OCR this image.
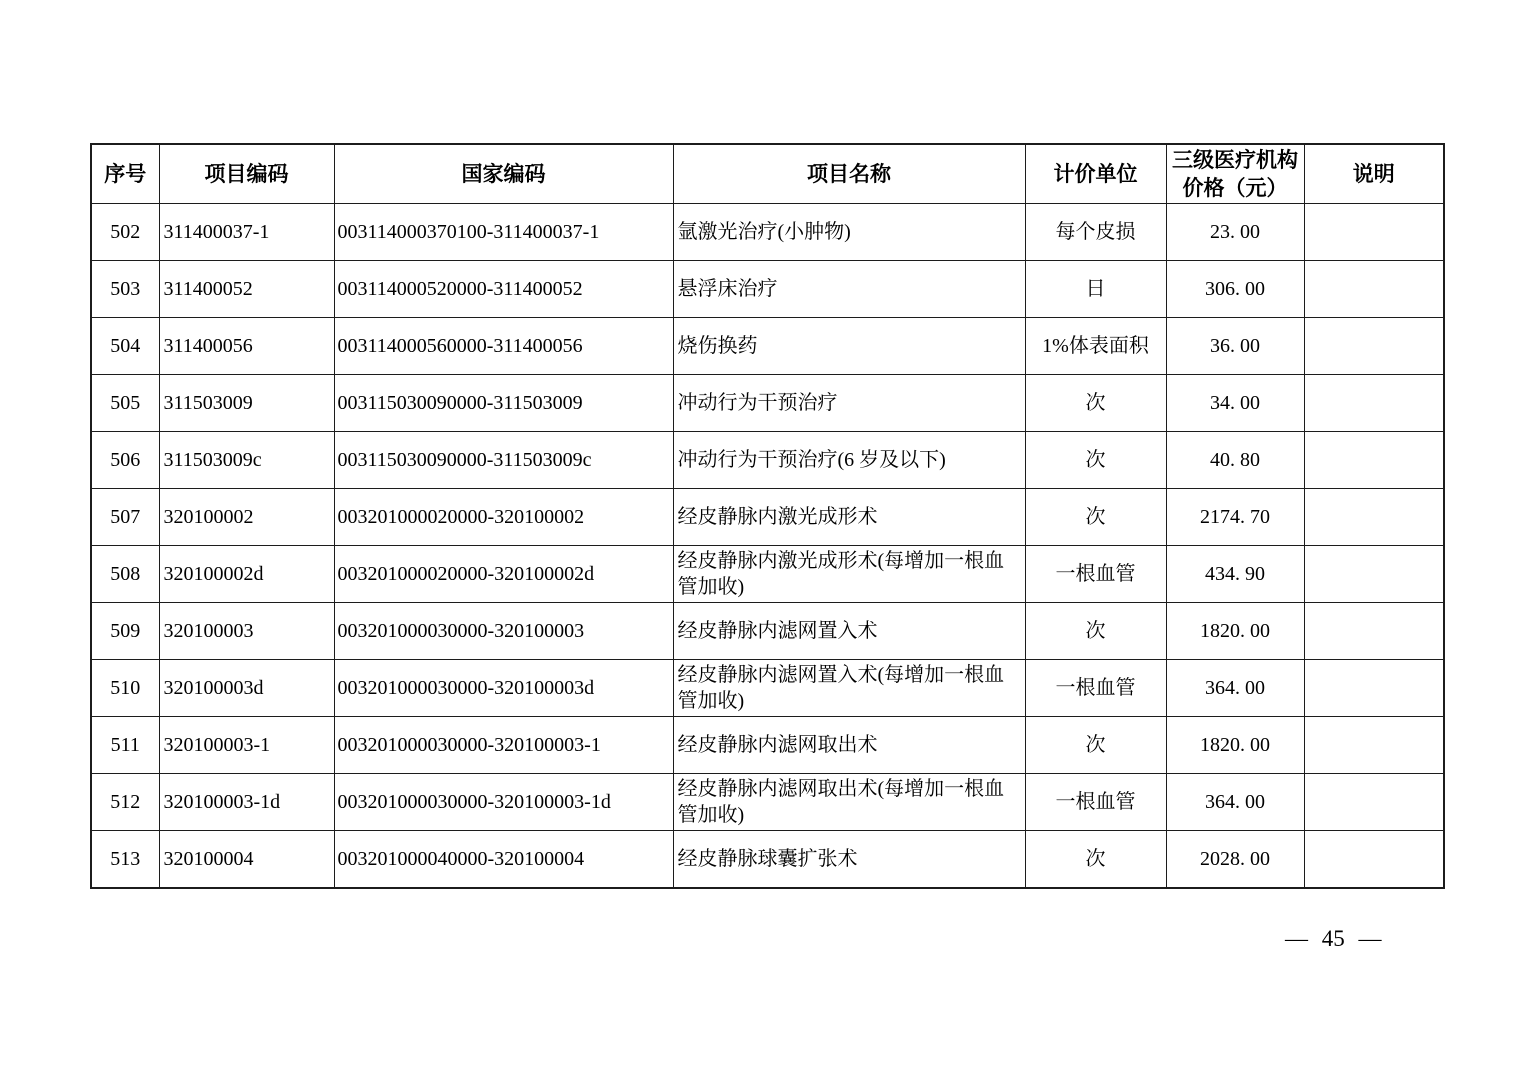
序号	项目编码	国家编码	项目名称	计价单位	三级医疗机构价格（元）	说明
502	311400037-1	003114000370100-311400037-1	氩激光治疗(小肿物)	每个皮损	23. 00	
503	311400052	003114000520000-311400052	悬浮床治疗	日	306. 00	
504	311400056	003114000560000-311400056	烧伤换药	1%体表面积	36. 00	
505	311503009	003115030090000-311503009	冲动行为干预治疗	次	34. 00	
506	311503009c	003115030090000-311503009c	冲动行为干预治疗(6 岁及以下)	次	40. 80	
507	320100002	003201000020000-320100002	经皮静脉内激光成形术	次	2174. 70	
508	320100002d	003201000020000-320100002d	经皮静脉内激光成形术(每增加一根血管加收)	一根血管	434. 90	
509	320100003	003201000030000-320100003	经皮静脉内滤网置入术	次	1820. 00	
510	320100003d	003201000030000-320100003d	经皮静脉内滤网置入术(每增加一根血管加收)	一根血管	364. 00	
511	320100003-1	003201000030000-320100003-1	经皮静脉内滤网取出术	次	1820. 00	
512	320100003-1d	003201000030000-320100003-1d	经皮静脉内滤网取出术(每增加一根血管加收)	一根血管	364. 00	
513	320100004	003201000040000-320100004	经皮静脉球囊扩张术	次	2028. 00	
— 45 —
